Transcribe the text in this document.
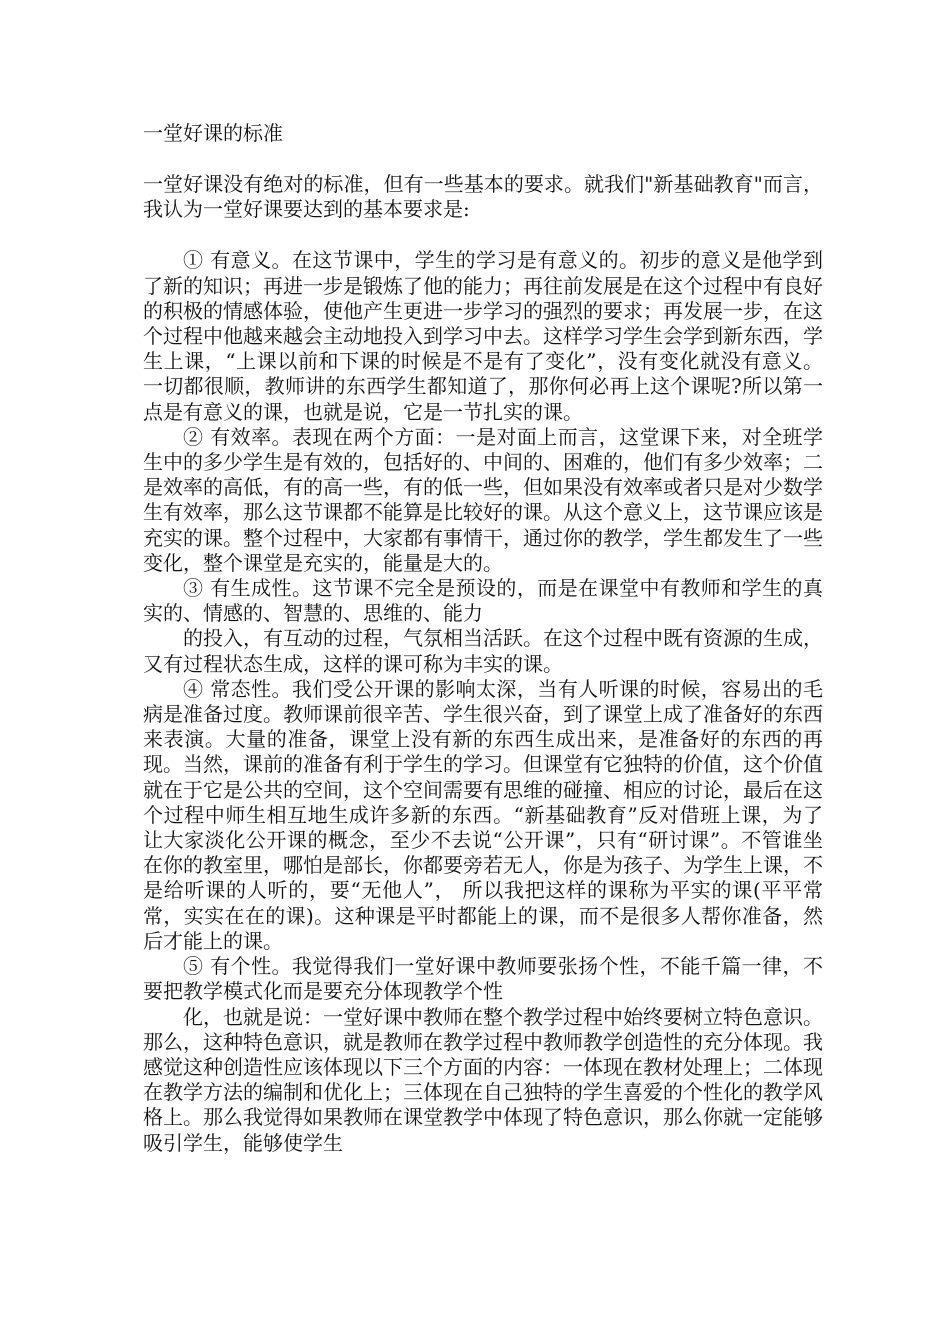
一堂好课的标准

一堂好课没有绝对的标准，但有一些基本的要求。就我们"新基础教育"而言，我认为一堂好课要达到的基本要求是:

① 有意义。在这节课中，学生的学习是有意义的。初步的意义是他学到了新的知识；再进一步是锻炼了他的能力；再往前发展是在这个过程中有良好的积极的情感体验，使他产生更进一步学习的强烈的要求；再发展一步，在这个过程中他越来越会主动地投入到学习中去。这样学习学生会学到新东西，学生上课，“上课以前和下课的时候是不是有了变化”，没有变化就没有意义。一切都很顺，教师讲的东西学生都知道了，那你何必再上这个课呢?所以第一点是有意义的课，也就是说，它是一节扎实的课。

② 有效率。表现在两个方面：一是对面上而言，这堂课下来，对全班学生中的多少学生是有效的，包括好的、中间的、困难的，他们有多少效率；二是效率的高低，有的高一些，有的低一些，但如果没有效率或者只是对少数学生有效率，那么这节课都不能算是比较好的课。从这个意义上，这节课应该是充实的课。整个过程中，大家都有事情干，通过你的教学，学生都发生了一些变化，整个课堂是充实的，能量是大的。

③ 有生成性。这节课不完全是预设的，而是在课堂中有教师和学生的真实的、情感的、智慧的、思维的、能力

的投入，有互动的过程，气氛相当活跃。在这个过程中既有资源的生成，又有过程状态生成，这样的课可称为丰实的课。

④ 常态性。我们受公开课的影响太深，当有人听课的时候，容易出的毛病是准备过度。教师课前很辛苦、学生很兴奋，到了课堂上成了准备好的东西来表演。大量的准备，课堂上没有新的东西生成出来，是准备好的东西的再现。当然，课前的准备有利于学生的学习。但课堂有它独特的价值，这个价值就在于它是公共的空间，这个空间需要有思维的碰撞、相应的讨论，最后在这个过程中师生相互地生成许多新的东西。“新基础教育”反对借班上课，为了让大家淡化公开课的概念，至少不去说“公开课”，只有“研讨课”。不管谁坐在你的教室里，哪怕是部长，你都要旁若无人，你是为孩子、为学生上课，不是给听课的人听的，要“无他人”， 所以我把这样的课称为平实的课(平平常常，实实在在的课)。这种课是平时都能上的课，而不是很多人帮你准备，然后才能上的课。

⑤ 有个性。我觉得我们一堂好课中教师要张扬个性，不能千篇一律，不要把教学模式化而是要充分体现教学个性

化，也就是说：一堂好课中教师在整个教学过程中始终要树立特色意识。那么，这种特色意识，就是教师在教学过程中教师教学创造性的充分体现。我感觉这种创造性应该体现以下三个方面的内容：一体现在教材处理上；二体现在教学方法的编制和优化上；三体现在自己独特的学生喜爱的个性化的教学风格上。那么我觉得如果教师在课堂教学中体现了特色意识，那么你就一定能够吸引学生，能够使学生
